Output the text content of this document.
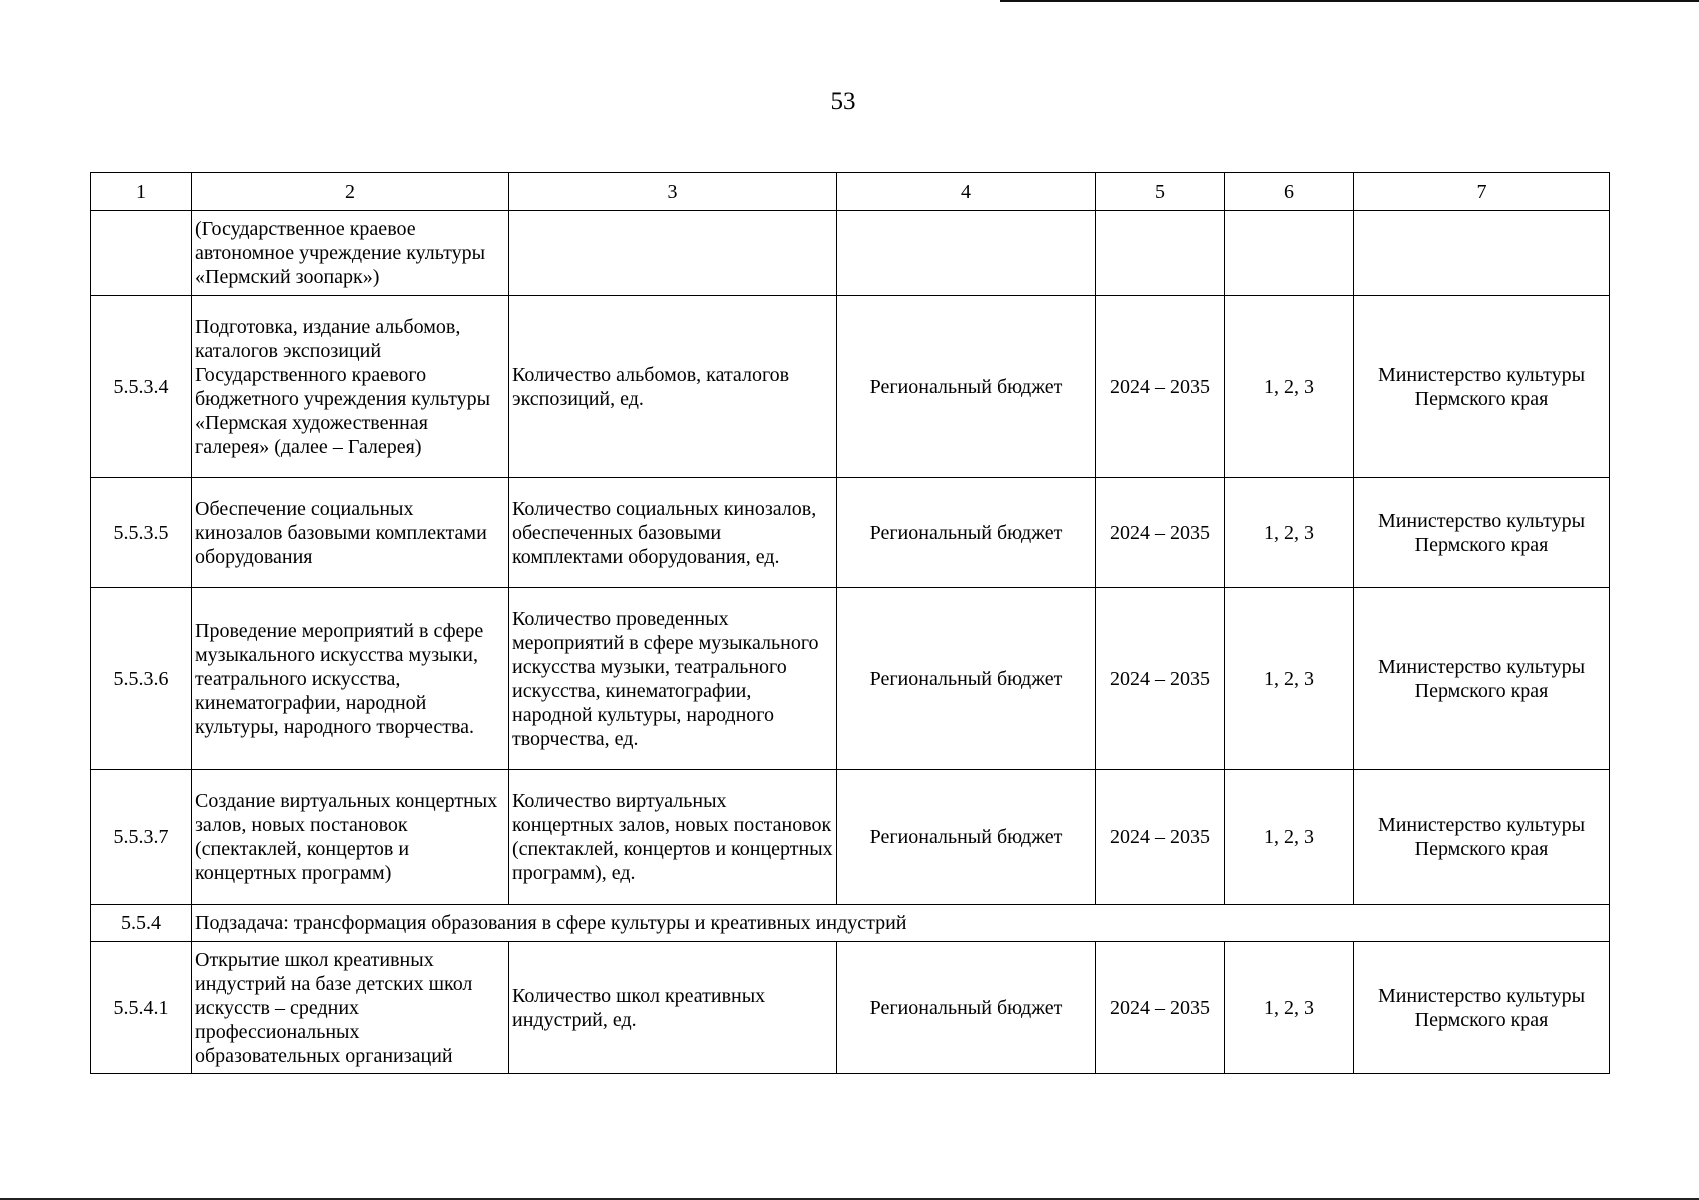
53
1	2	3	4	5	6	7
	(Государственное краевое автономное учреждение культуры «Пермский зоопарк»)					
5.5.3.4	Подготовка, издание альбомов, каталогов экспозиций Государственного краевого бюджетного учреждения культуры «Пермская художественная галерея» (далее – Галерея)	Количество альбомов, каталогов экспозиций, ед.	Региональный бюджет	2024 – 2035	1, 2, 3	Министерство культуры Пермского края
5.5.3.5	Обеспечение социальных кинозалов базовыми комплектами оборудования	Количество социальных кинозалов, обеспеченных базовыми комплектами оборудования, ед.	Региональный бюджет	2024 – 2035	1, 2, 3	Министерство культуры Пермского края
5.5.3.6	Проведение мероприятий в сфере музыкального искусства музыки, театрального искусства, кинематографии, народной культуры, народного творчества.	Количество проведенных мероприятий в сфере музыкального искусства музыки, театрального искусства, кинематографии, народной культуры, народного творчества, ед.	Региональный бюджет	2024 – 2035	1, 2, 3	Министерство культуры Пермского края
5.5.3.7	Создание виртуальных концертных залов, новых постановок (спектаклей, концертов и концертных программ)	Количество виртуальных концертных залов, новых постановок (спектаклей, концертов и концертных программ), ед.	Региональный бюджет	2024 – 2035	1, 2, 3	Министерство культуры Пермского края
5.5.4	Подзадача: трансформация образования в сфере культуры и креативных индустрий					
5.5.4.1	Открытие школ креативных индустрий на базе детских школ искусств – средних профессиональных образовательных организаций	Количество школ креативных индустрий, ед.	Региональный бюджет	2024 – 2035	1, 2, 3	Министерство культуры Пермского края
